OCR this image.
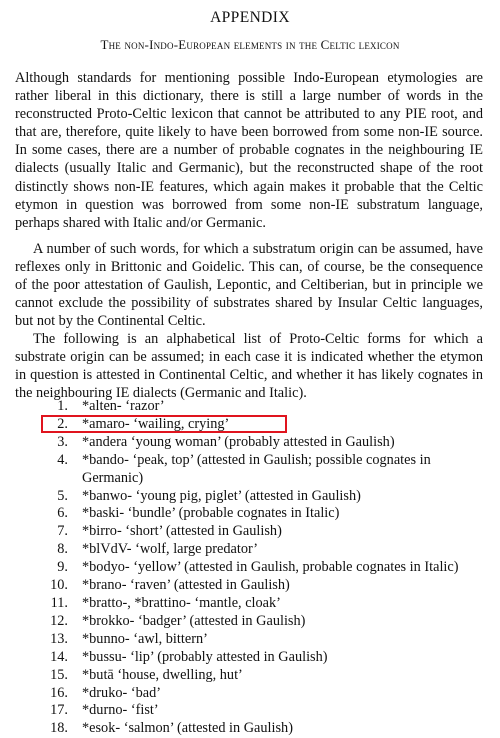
APPENDIX
The non-Indo-European elements in the Celtic lexicon

Although standards for mentioning possible Indo-European etymologies are rather liberal in this dictionary, there is still a large number of words in the reconstructed Proto-Celtic lexicon that cannot be attributed to any PIE root, and that are, therefore, quite likely to have been borrowed from some non-IE source. In some cases, there are a number of probable cognates in the neighbouring IE dialects (usually Italic and Germanic), but the reconstructed shape of the root distinctly shows non-IE features, which again makes it probable that the Celtic etymon in question was borrowed from some non-IE substratum language, perhaps shared with Italic and/or Germanic.

A number of such words, for which a substratum origin can be assumed, have reflexes only in Brittonic and Goidelic. This can, of course, be the consequence of the poor attestation of Gaulish, Lepontic, and Celtiberian, but in principle we cannot exclude the possibility of substrates shared by Insular Celtic languages, but not by the Continental Celtic.

The following is an alphabetical list of Proto-Celtic forms for which a substrate origin can be assumed; in each case it is indicated whether the etymon in question is attested in Continental Celtic, and whether it has likely cognates in the neighbouring IE dialects (Germanic and Italic).

1. *alten- ‘razor’
2. *amaro- ‘wailing, crying’
3. *andera ‘young woman’ (probably attested in Gaulish)
4. *bando- ‘peak, top’ (attested in Gaulish; possible cognates in Germanic)
5. *banwo- ‘young pig, piglet’ (attested in Gaulish)
6. *baski- ‘bundle’ (probable cognates in Italic)
7. *birro- ‘short’ (attested in Gaulish)
8. *blVdV- ‘wolf, large predator’
9. *bodyo- ‘yellow’ (attested in Gaulish, probable cognates in Italic)
10. *brano- ‘raven’ (attested in Gaulish)
11. *bratto-, *brattino- ‘mantle, cloak’
12. *brokko- ‘badger’ (attested in Gaulish)
13. *bunno- ‘awl, bittern’
14. *bussu- ‘lip’ (probably attested in Gaulish)
15. *butā ‘house, dwelling, hut’
16. *druko- ‘bad’
17. *durno- ‘fist’
18. *esok- ‘salmon’ (attested in Gaulish)
